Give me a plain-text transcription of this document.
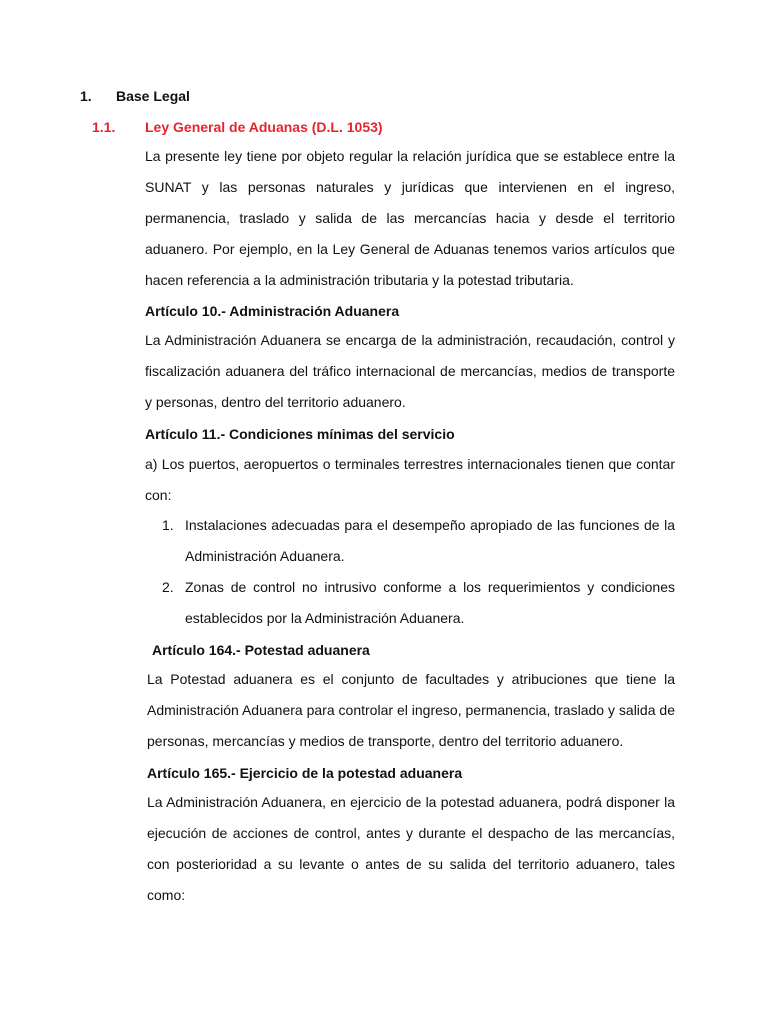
1. Base Legal
1.1. Ley General de Aduanas (D.L. 1053)
La presente ley tiene por objeto regular la relación jurídica que se establece entre la SUNAT y las personas naturales y jurídicas que intervienen en el ingreso, permanencia, traslado y salida de las mercancías hacia y desde el territorio aduanero. Por ejemplo, en la Ley General de Aduanas tenemos varios artículos que hacen referencia a la administración tributaria y la potestad tributaria.
Artículo 10.- Administración Aduanera
La Administración Aduanera se encarga de la administración, recaudación, control y fiscalización aduanera del tráfico internacional de mercancías, medios de transporte y personas, dentro del territorio aduanero.
Artículo 11.- Condiciones mínimas del servicio
a) Los puertos, aeropuertos o terminales terrestres internacionales tienen que contar con:
1. Instalaciones adecuadas para el desempeño apropiado de las funciones de la Administración Aduanera.
2. Zonas de control no intrusivo conforme a los requerimientos y condiciones establecidos por la Administración Aduanera.
Artículo 164.- Potestad aduanera
La Potestad aduanera es el conjunto de facultades y atribuciones que tiene la Administración Aduanera para controlar el ingreso, permanencia, traslado y salida de personas, mercancías y medios de transporte, dentro del territorio aduanero.
Artículo 165.- Ejercicio de la potestad aduanera
La Administración Aduanera, en ejercicio de la potestad aduanera, podrá disponer la ejecución de acciones de control, antes y durante el despacho de las mercancías, con posterioridad a su levante o antes de su salida del territorio aduanero, tales como:
